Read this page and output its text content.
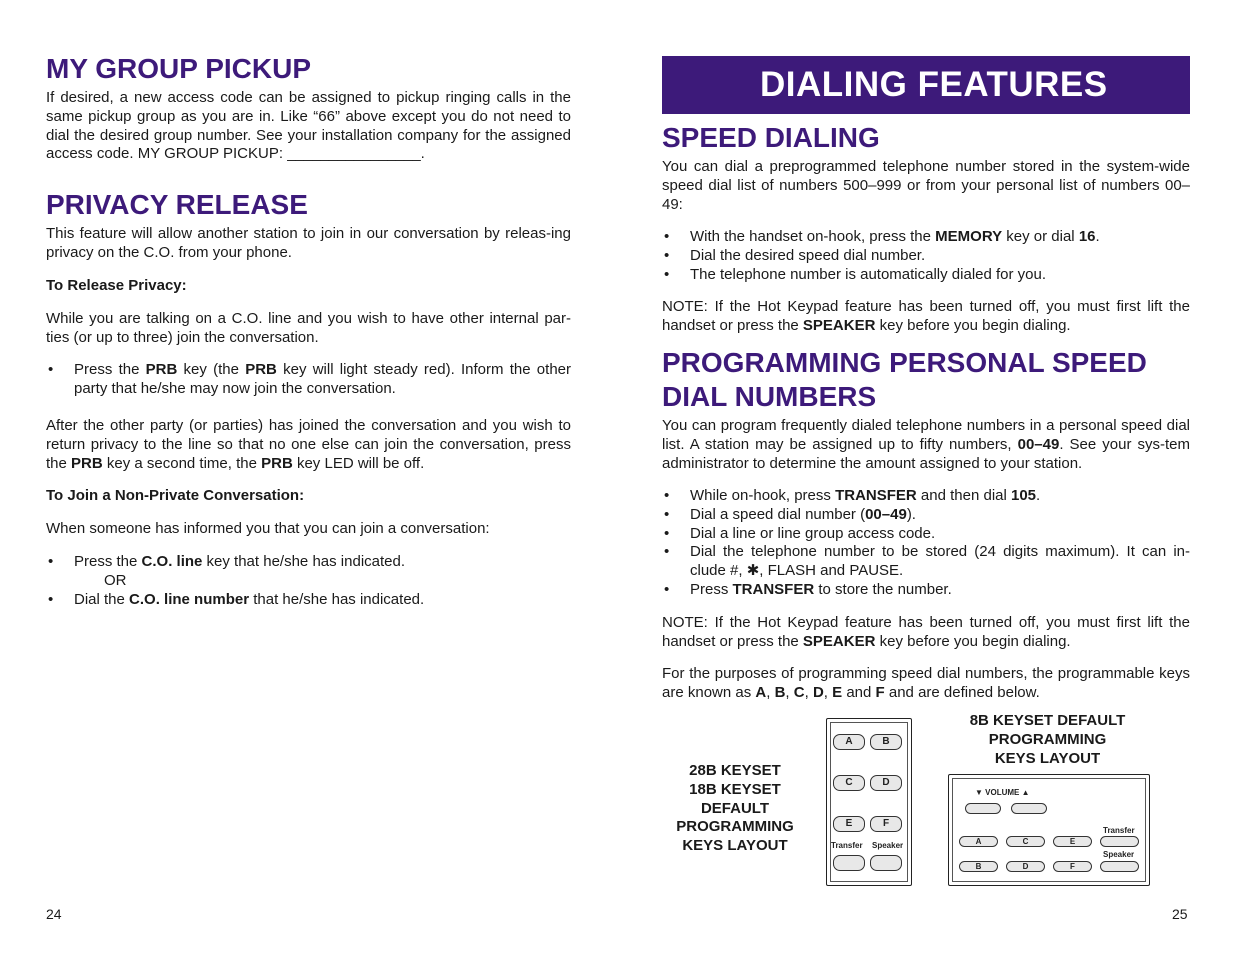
MY GROUP PICKUP

If desired, a new access code can be assigned to pickup ringing calls in the same pickup group as you are in. Like “66” above except you do not need to dial the desired group number. See your installation company for the assigned access code. MY GROUP PICKUP: ________________.

PRIVACY RELEASE

This feature will allow another station to join in our conversation by releas-ing privacy on the C.O. from your phone.

To Release Privacy:

While you are talking on a C.O. line and you wish to have other internal par-ties (or up to three) join the conversation.

• Press the PRB key (the PRB key will light steady red). Inform the other party that he/she may now join the conversation.

After the other party (or parties) has joined the conversation and you wish to return privacy to the line so that no one else can join the conversation, press the PRB key a second time, the PRB key LED will be off.

To Join a Non-Private Conversation:

When someone has informed you that you can join a conversation:

• Press the C.O. line key that he/she has indicated.
OR
• Dial the C.O. line number that he/she has indicated.
24
DIALING FEATURES
SPEED DIALING

You can dial a preprogrammed telephone number stored in the system-wide speed dial list of numbers 500–999 or from your personal list of numbers 00–49:

• With the handset on-hook, press the MEMORY key or dial 16.
• Dial the desired speed dial number.
• The telephone number is automatically dialed for you.

NOTE: If the Hot Keypad feature has been turned off, you must first lift the handset or press the SPEAKER key before you begin dialing.

PROGRAMMING PERSONAL SPEED
DIAL NUMBERS

You can program frequently dialed telephone numbers in a personal speed dial list. A station may be assigned up to fifty numbers, 00–49. See your sys-tem administrator to determine the amount assigned to your station.

• While on-hook, press TRANSFER and then dial 105.
• Dial a speed dial number (00–49).
• Dial a line or line group access code.
• Dial the telephone number to be stored (24 digits maximum). It can in-clude #, ✱, FLASH and PAUSE.
• Press TRANSFER to store the number.

NOTE: If the Hot Keypad feature has been turned off, you must first lift the handset or press the SPEAKER key before you begin dialing.

For the purposes of programming speed dial numbers, the programmable keys are known as A, B, C, D, E and F and are defined below.

28B KEYSET
18B KEYSET
DEFAULT
PROGRAMMING
KEYS LAYOUT
A	B
C	D
E	F
Transfer Speaker
8B KEYSET DEFAULT
PROGRAMMING
KEYS LAYOUT
▼ VOLUME ▲
Transfer
A	C	E
Speaker
B	D	F
25
